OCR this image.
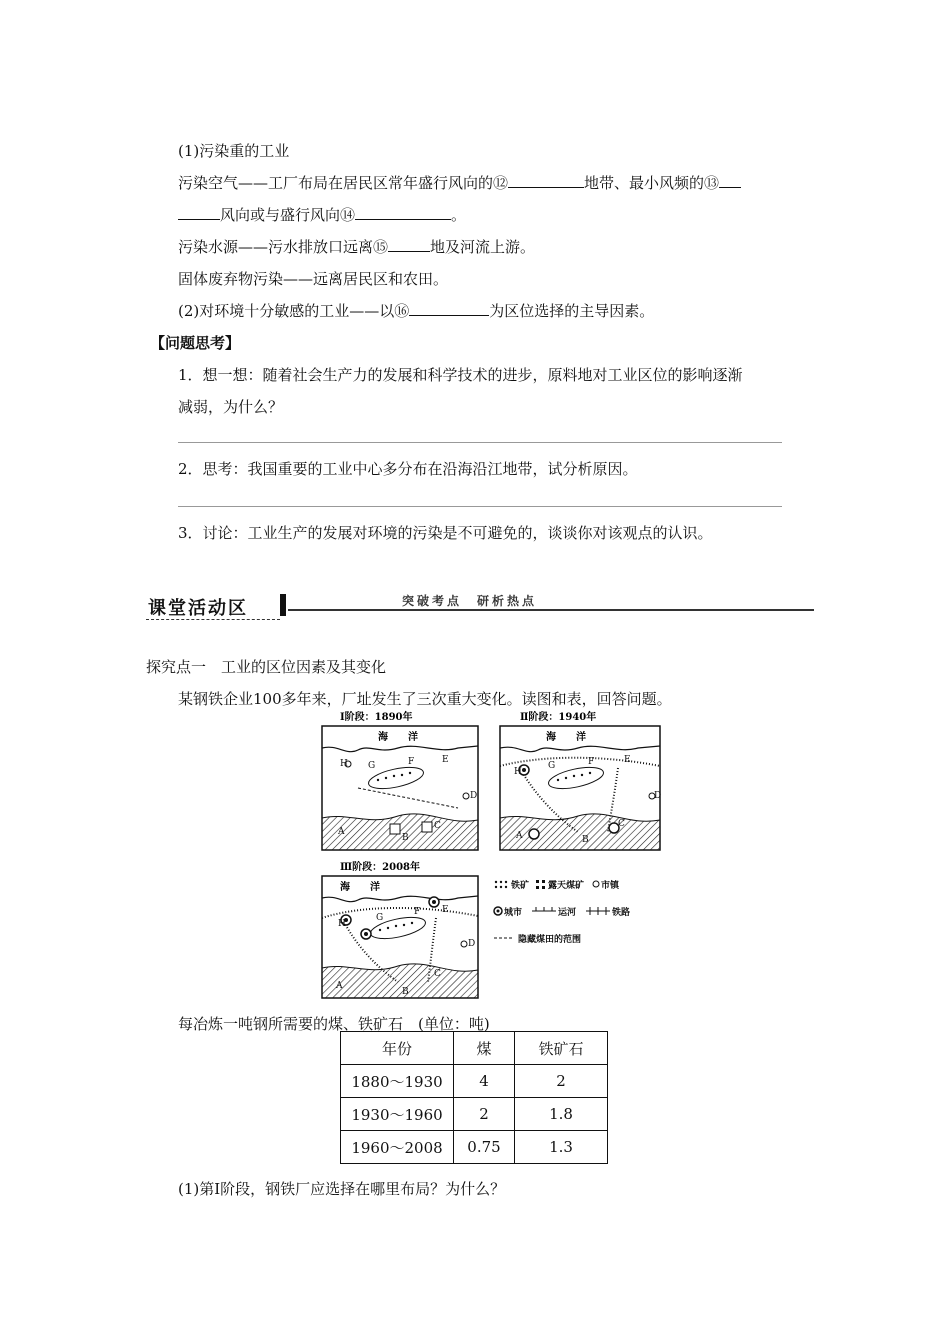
(1)污染重的工业
污染空气——工厂布局在居民区常年盛行风向的⑫	地带、最小风频的⑬
风向或与盛行风向⑭	。
污染水源——污水排放口远离⑮	地及河流上游。
固体废弃物污染——远离居民区和农田。
(2)对环境十分敏感的工业——以⑯	为区位选择的主导因素。
【问题思考】
1．想一想：随着社会生产力的发展和科学技术的进步，原料地对工业区位的影响逐渐
减弱，为什么？
2．思考：我国重要的工业中心多分布在沿海沿江地带，试分析原因。
3．讨论：工业生产的发展对环境的污染是不可避免的，谈谈你对该观点的认识。
课堂活动区	突破考点　研析热点
探究点一　工业的区位因素及其变化
某钢铁企业100多年来，厂址发生了三次重大变化。读图和表，回答问题。
Ⅰ阶段：1890年
海　　洋
A
B
C
D
E
F
G
H
Ⅱ阶段：1940年
海　　洋
A	B
C
D
E
F
G
H
Ⅲ阶段：2008年
海　　洋
A
B
C
D
E
F
G
H
铁矿 露天煤矿 市镇
城市	运河	铁路
隐藏煤田的范围
每冶炼一吨钢所需要的煤、铁矿石　(单位：吨)
年份	煤	铁矿石
1880～1930	4	2
1930～1960	2	1.8
1960～2008	0.75	1.3
(1)第Ⅰ阶段，钢铁厂应选择在哪里布局？为什么？
